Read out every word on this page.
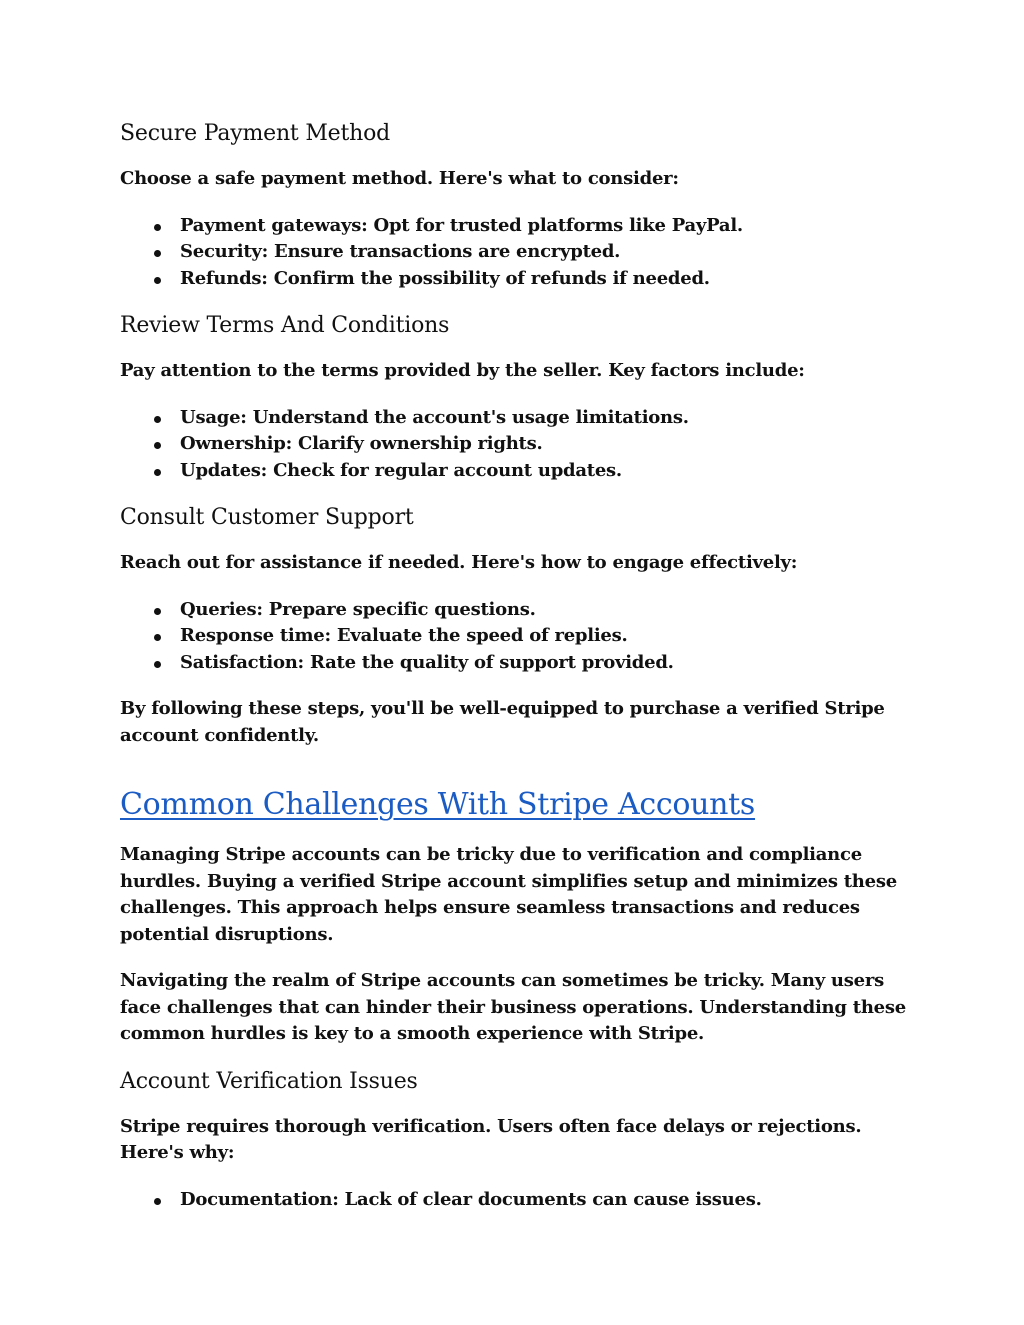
Secure Payment Method

Choose a safe payment method. Here's what to consider:

Payment gateways: Opt for trusted platforms like PayPal.
Security: Ensure transactions are encrypted.
Refunds: Confirm the possibility of refunds if needed.
Review Terms And Conditions

Pay attention to the terms provided by the seller. Key factors include:

Usage: Understand the account's usage limitations.
Ownership: Clarify ownership rights.
Updates: Check for regular account updates.
Consult Customer Support

Reach out for assistance if needed. Here's how to engage effectively:

Queries: Prepare specific questions.
Response time: Evaluate the speed of replies.
Satisfaction: Rate the quality of support provided.

By following these steps, you'll be well-equipped to purchase a verified Stripe account confidently.

Common Challenges With Stripe Accounts

Managing Stripe accounts can be tricky due to verification and compliance hurdles. Buying a verified Stripe account simplifies setup and minimizes these challenges. This approach helps ensure seamless transactions and reduces potential disruptions.

Navigating the realm of Stripe accounts can sometimes be tricky. Many users face challenges that can hinder their business operations. Understanding these common hurdles is key to a smooth experience with Stripe.

Account Verification Issues

Stripe requires thorough verification. Users often face delays or rejections. Here's why:

Documentation: Lack of clear documents can cause issues.
